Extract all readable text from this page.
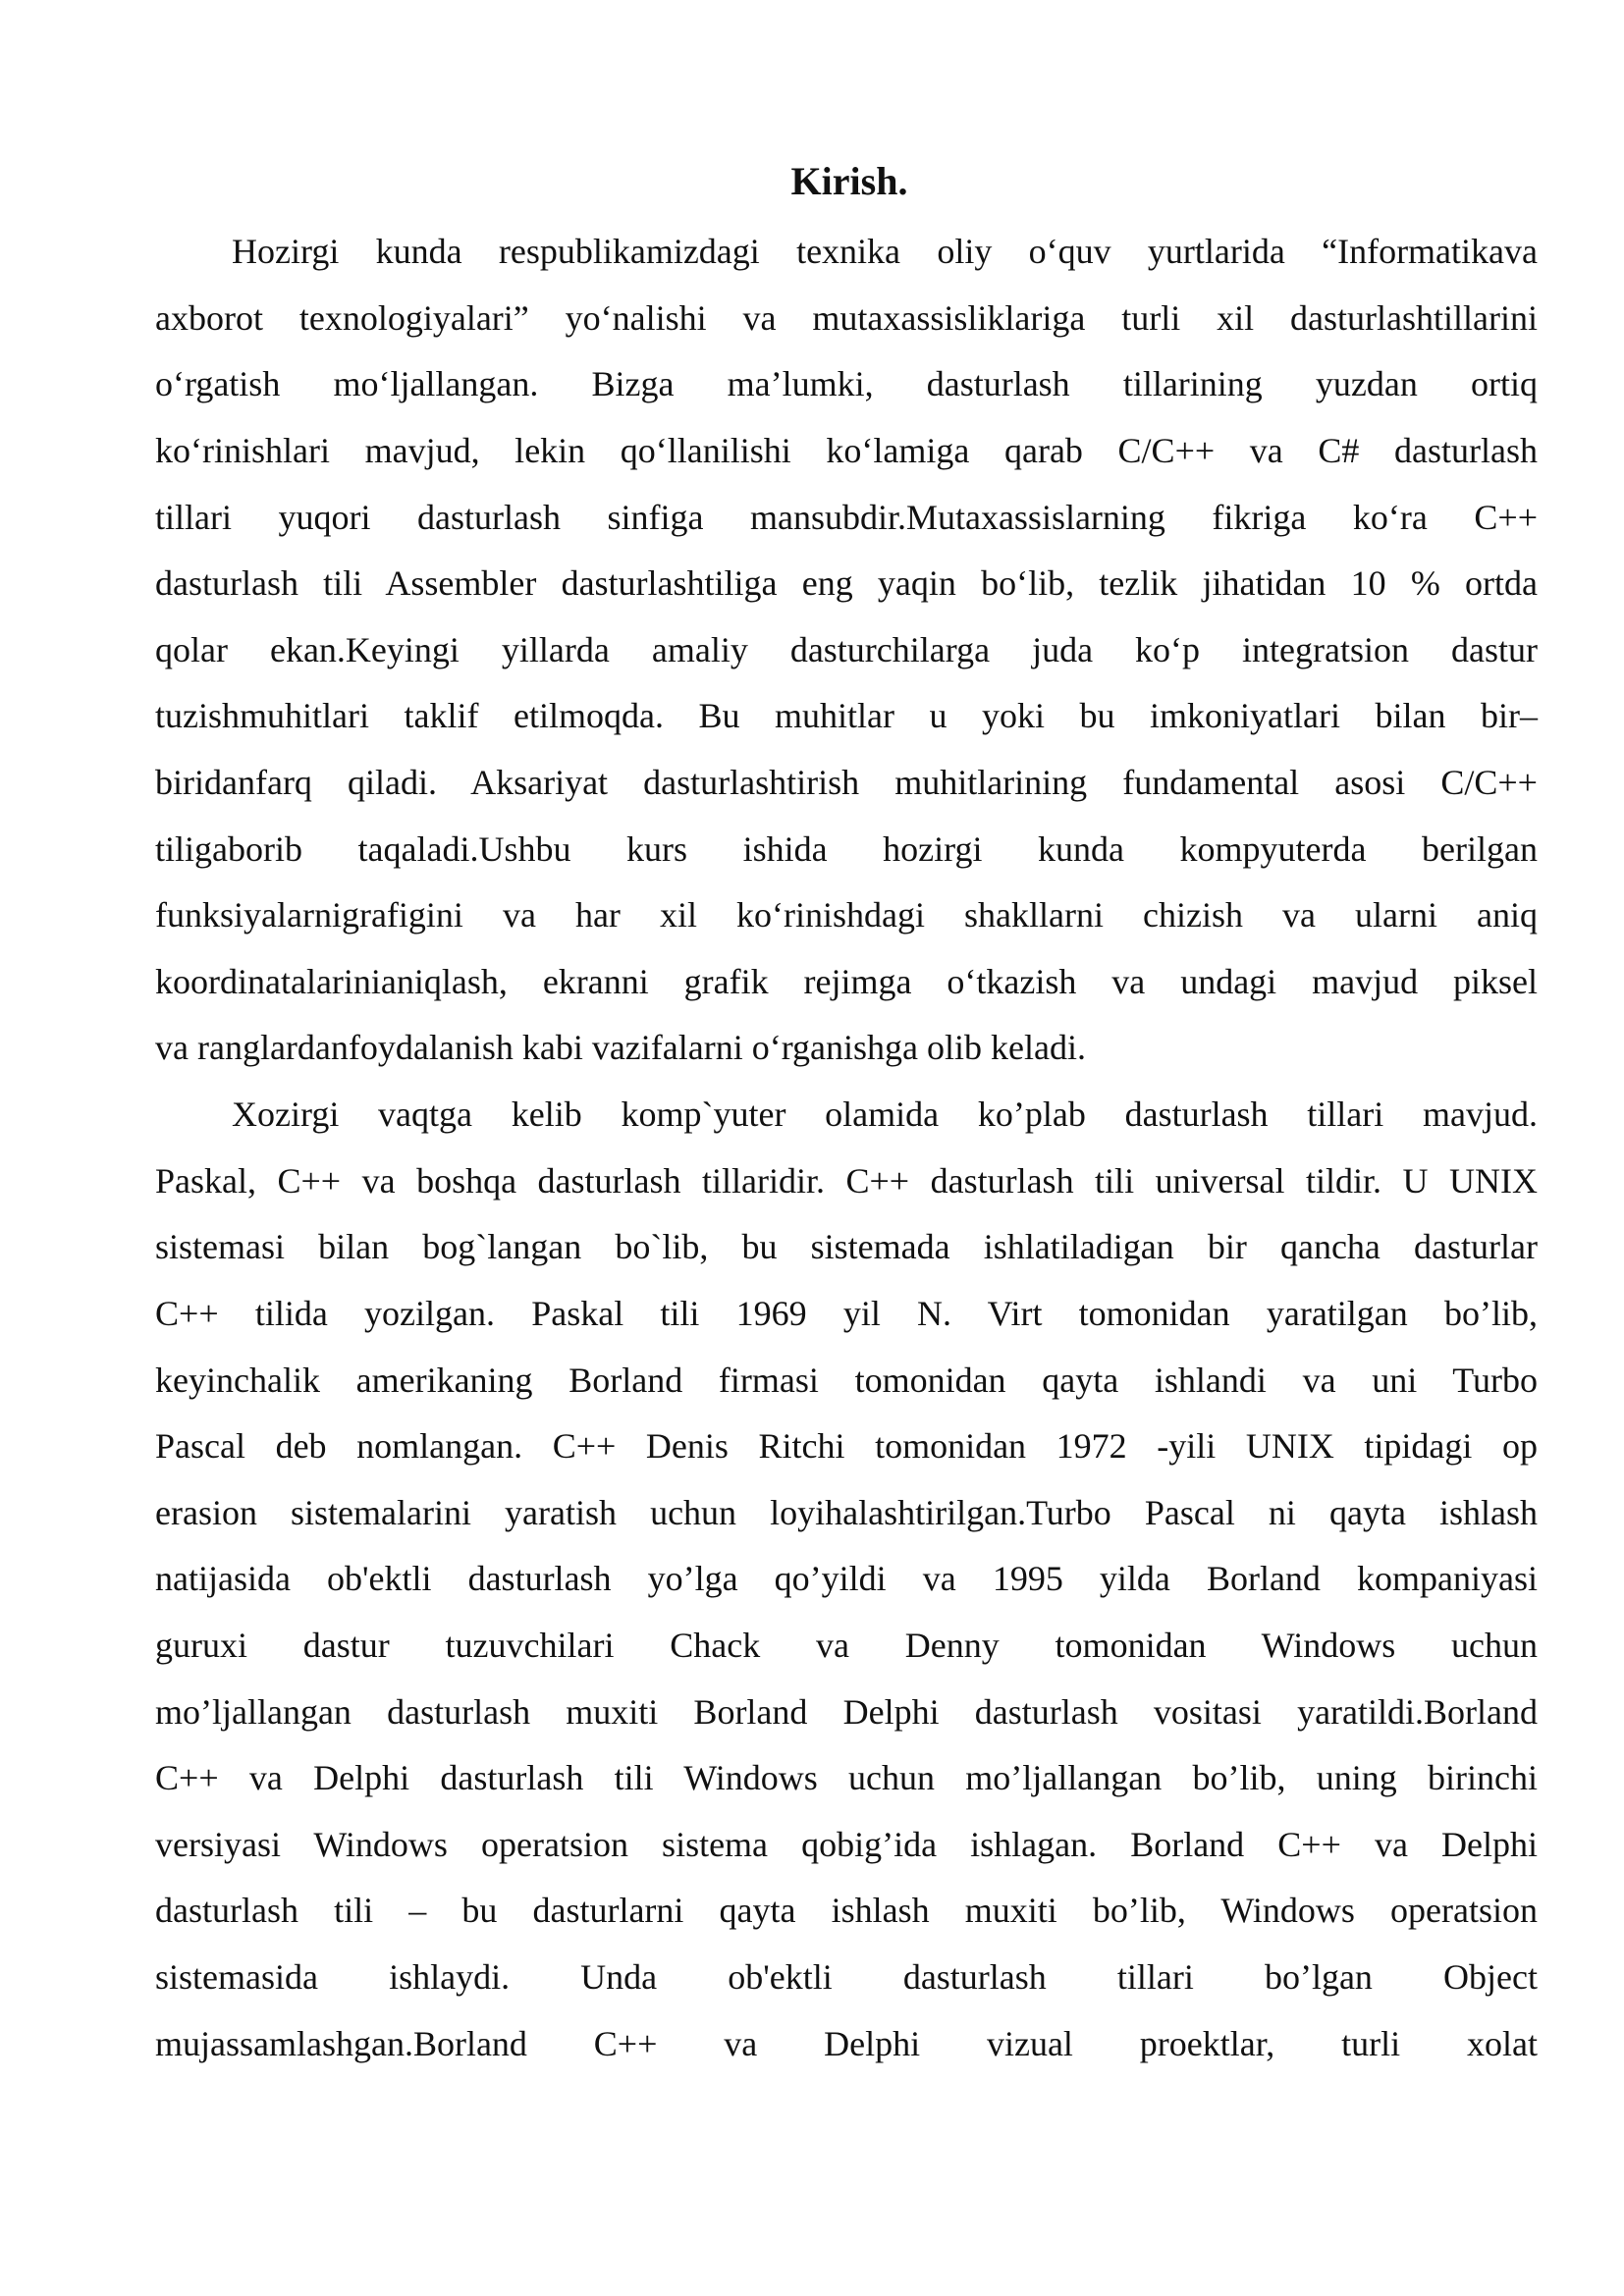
Kirish.
Hozirgi kunda respublikamizdagi texnika oliy o‘quv yurtlarida “Informatikava
axborot texnologiyalari” yo‘nalishi va mutaxassisliklariga turli xil dasturlashtillarini
o‘rgatish mo‘ljallangan. Bizga ma’lumki, dasturlash tillarining yuzdan ortiq
ko‘rinishlari mavjud, lekin qo‘llanilishi ko‘lamiga qarab C/C++ va C# dasturlash
tillari yuqori dasturlash sinfiga mansubdir.Mutaxassislarning fikriga ko‘ra C++
dasturlash tili Assembler dasturlashtiliga eng yaqin bo‘lib, tezlik jihatidan 10 % ortda
qolar ekan.Keyingi yillarda amaliy dasturchilarga juda ko‘p integratsion dastur
tuzishmuhitlari taklif etilmoqda. Bu muhitlar u yoki bu imkoniyatlari bilan bir–
biridanfarq qiladi. Aksariyat dasturlashtirish muhitlarining fundamental asosi C/C++
tiligaborib taqaladi.Ushbu kurs ishida hozirgi kunda kompyuterda berilgan
funksiyalarnigrafigini va har xil ko‘rinishdagi shakllarni chizish va ularni aniq
koordinatalarinianiqlash, ekranni grafik rejimga o‘tkazish va undagi mavjud piksel
va ranglardanfoydalanish kabi vazifalarni o‘rganishga olib keladi.
Xozirgi vaqtga kelib komp`yuter olamida ko’plab dasturlash tillari mavjud.
Paskal, C++ va boshqa dasturlash tillaridir. C++ dasturlash tili universal tildir. U UNIX
sistemasi bilan bog`langan bo`lib, bu sistemada ishlatiladigan bir qancha dasturlar
C++ tilida yozilgan. Paskal tili 1969 yil N. Virt tomonidan yaratilgan bo’lib,
keyinchalik amerikaning Borland firmasi tomonidan qayta ishlandi va uni Turbo
Pascal deb nomlangan. C++ Denis Ritchi tomonidan 1972 -yili UNIX tipidagi op
erasion sistemalarini yaratish uchun loyihalashtirilgan.Turbo Pascal ni qayta ishlash
natijasida ob'ektli dasturlash yo’lga qo’yildi va 1995 yilda Borland kompaniyasi
guruxi dastur tuzuvchilari Chack va Denny tomonidan Windows uchun
mo’ljallangan dasturlash muxiti Borland Delphi dasturlash vositasi yaratildi.Borland
C++ va Delphi dasturlash tili Windows uchun mo’ljallangan bo’lib, uning birinchi
versiyasi Windows operatsion sistema qobig’ida ishlagan. Borland C++ va Delphi
dasturlash tili – bu dasturlarni qayta ishlash muxiti bo’lib, Windows operatsion
sistemasida ishlaydi. Unda ob'ektli dasturlash tillari bo’lgan Object
mujassamlashgan.Borland C++ va Delphi vizual proektlar, turli xolat
